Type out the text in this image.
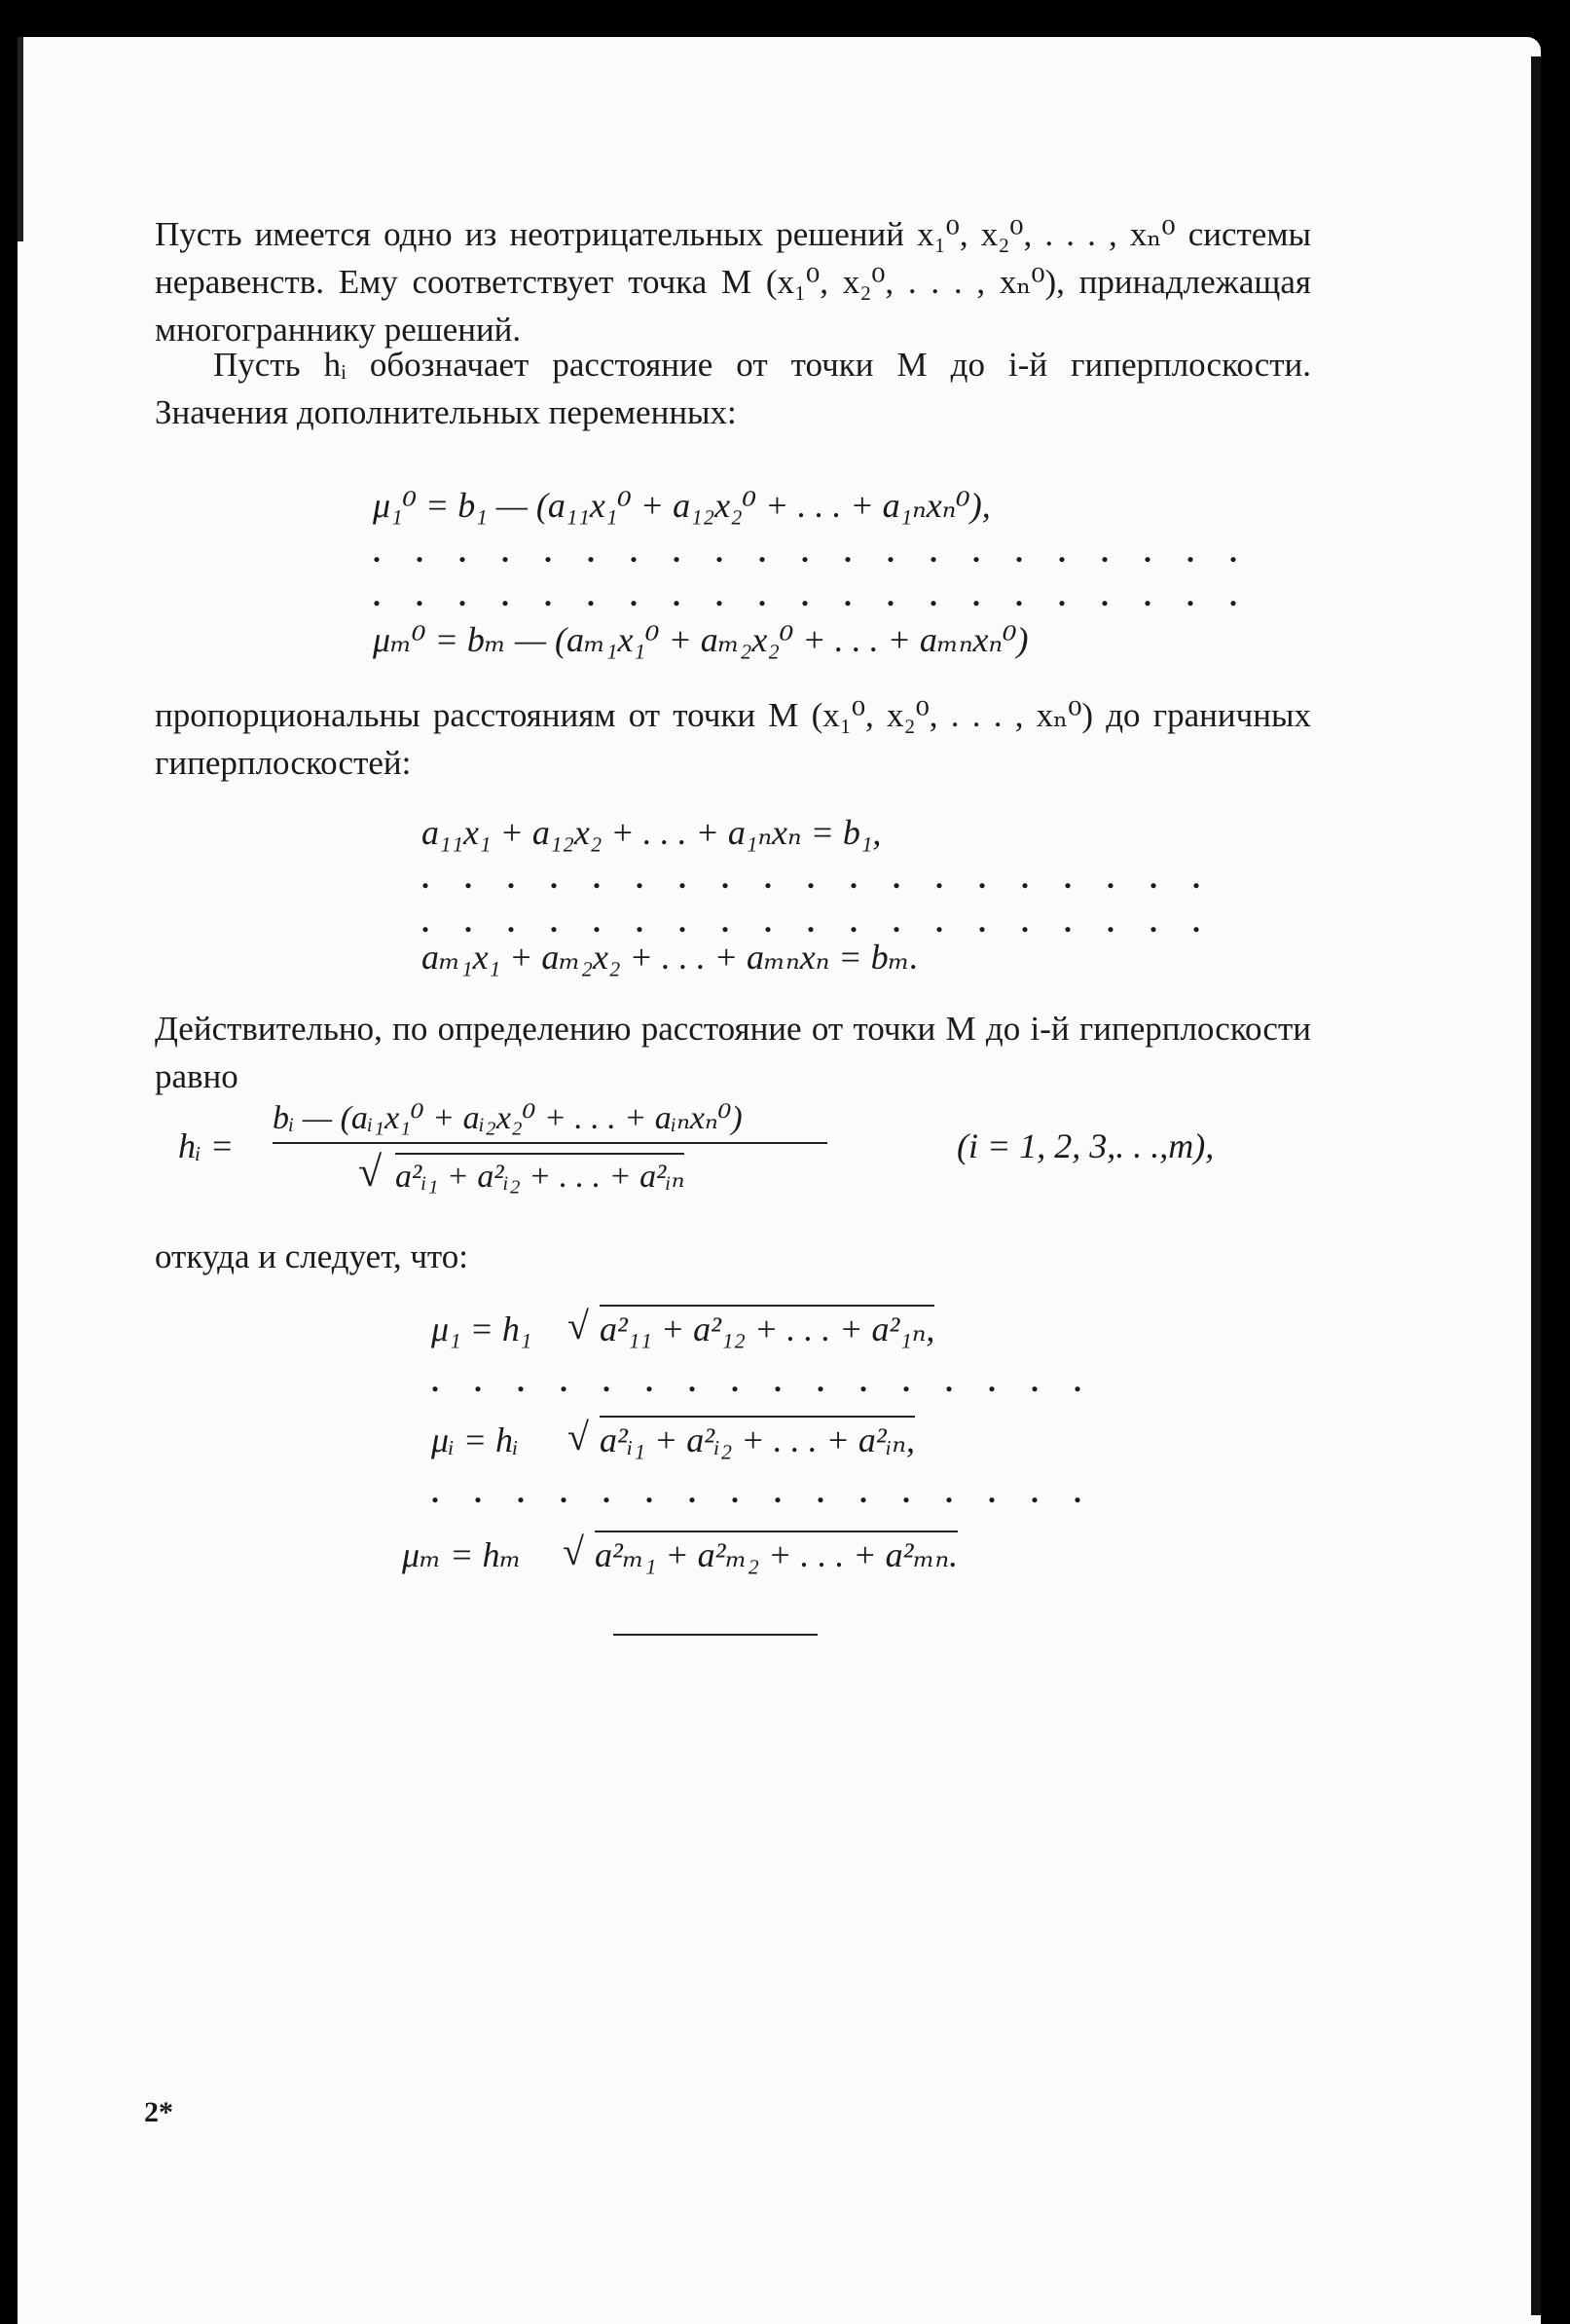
Пусть имеется одно из неотрицательных решений x₁⁰, x₂⁰, . . . , xₙ⁰ системы неравенств. Ему соответствует точка M (x₁⁰, x₂⁰, . . . , xₙ⁰), принадлежащая многограннику решений.

Пусть hᵢ обозначает расстояние от точки M до i-й гиперплоскости. Значения дополнительных переменных:

μ₁⁰ = b₁ — (a₁₁x₁⁰ + a₁₂x₂⁰ + . . . + a₁ₙxₙ⁰),
. . . . . . . . . . . . . . . . . . . . .
. . . . . . . . . . . . . . . . . . . . .
μₘ⁰ = bₘ — (aₘ₁x₁⁰ + aₘ₂x₂⁰ + . . . + aₘₙxₙ⁰)

пропорциональны расстояниям от точки M (x₁⁰, x₂⁰, . . . , xₙ⁰) до граничных гиперплоскостей:

a₁₁x₁ + a₁₂x₂ + . . . + a₁ₙxₙ = b₁,
. . . . . . . . . . . . . . . . . . .
. . . . . . . . . . . . . . . . . . .
aₘ₁x₁ + aₘ₂x₂ + . . . + aₘₙxₙ = bₘ.

Действительно, по определению расстояние от точки M до i-й гиперплоскости равно

hᵢ =
bᵢ — (aᵢ₁x₁⁰ + aᵢ₂x₂⁰ + . . . + aᵢₙxₙ⁰)
√ a²ᵢ₁ + a²ᵢ₂ + . . . + a²ᵢₙ
(i = 1, 2, 3,. . .,m),

откуда и следует, что:

μ₁ = h₁ √ a²₁₁ + a²₁₂ + . . . + a²₁ₙ,
. . . . . . . . . . . . . . . .
μᵢ = hᵢ √ a²ᵢ₁ + a²ᵢ₂ + . . . + a²ᵢₙ,
. . . . . . . . . . . . . . . .
μₘ = hₘ √ a²ₘ₁ + a²ₘ₂ + . . . + a²ₘₙ.
2*
